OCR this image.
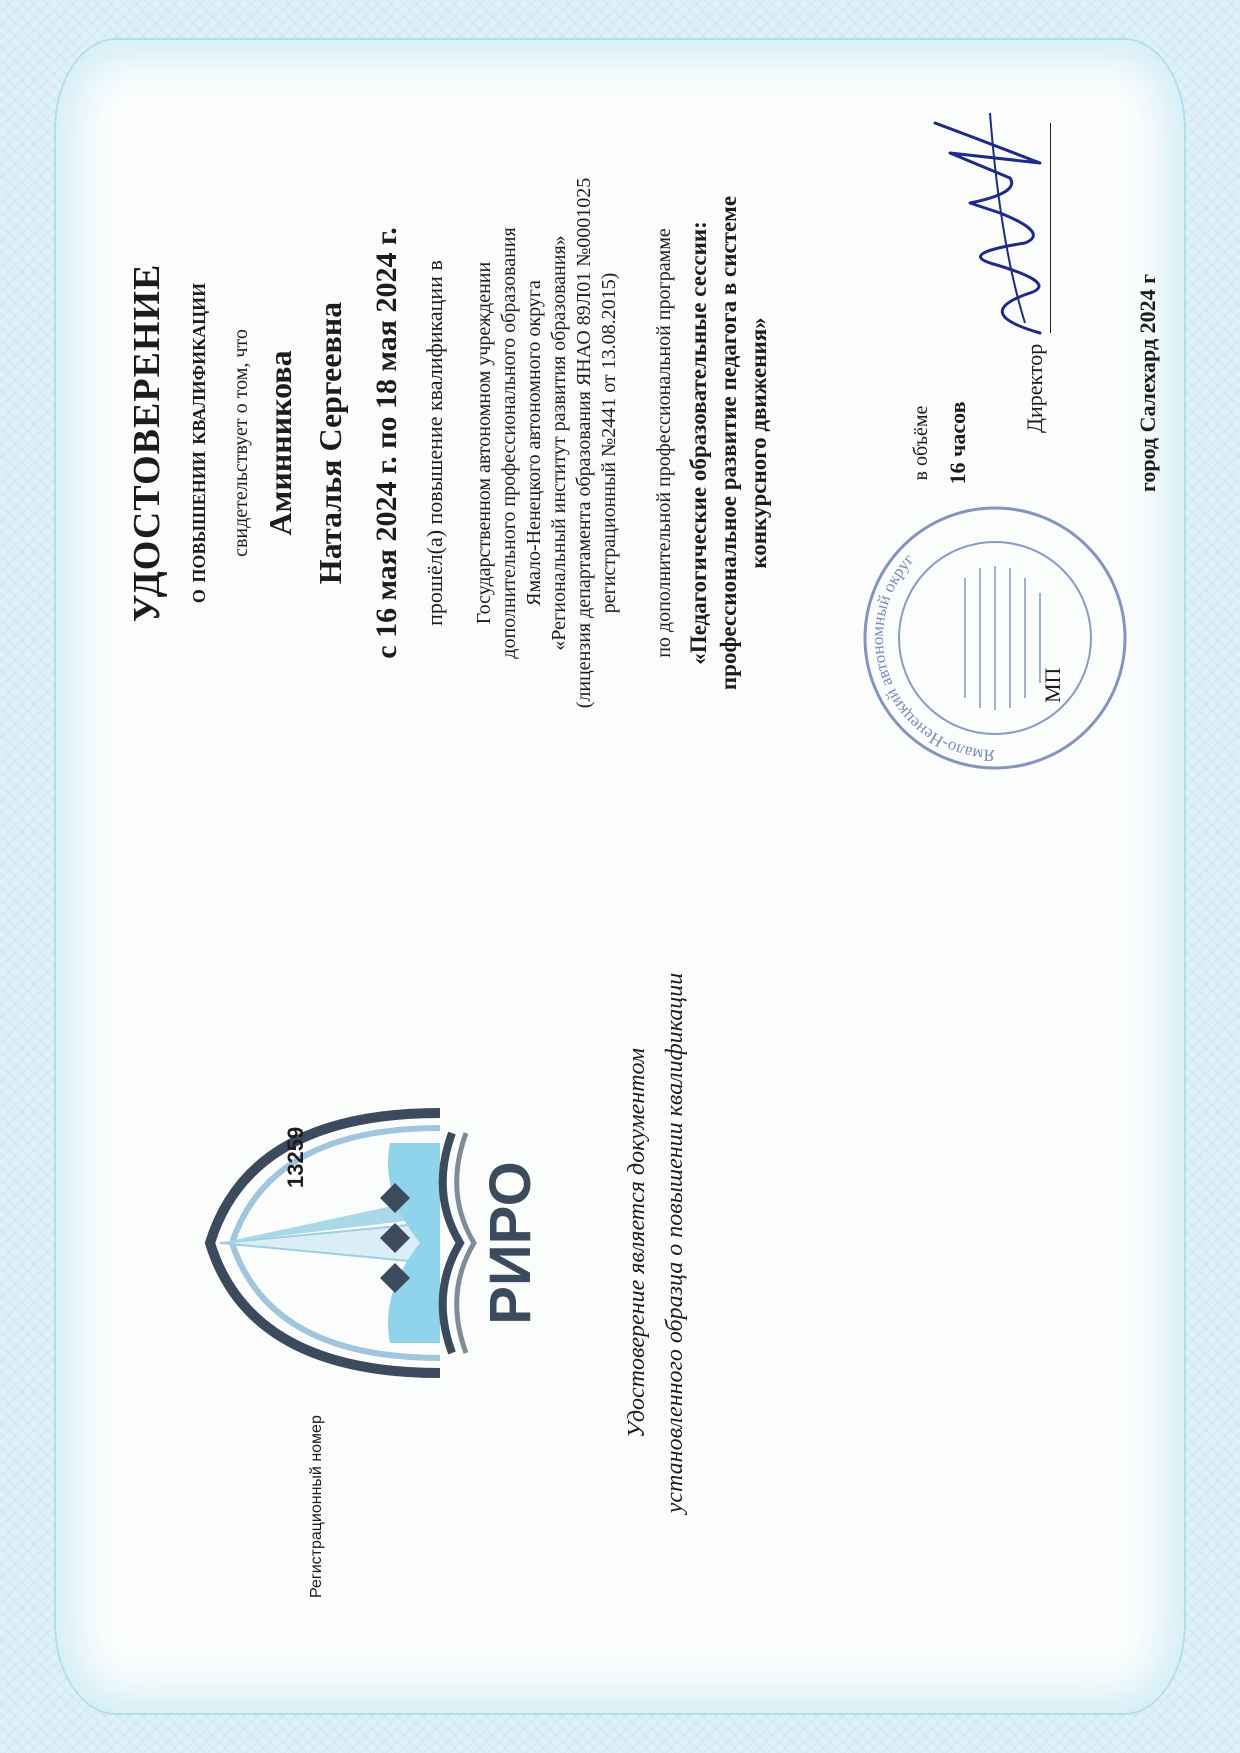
РИРО	Удостоверение является документом установленного образца о повышении квалификации
Регистрационный номер
13259
УДОСТОВЕРЕНИЕ о повышении квалификации свидетельствует о том, что Аминникова Наталья Сергеевна с 16 мая 2024 г. по 18 мая 2024 г. прошёл(а) повышение квалификации в Государственном автономном учреждении дополнительного профессионального образования Ямало-Ненецкого автономного округа «Региональный институт развития образования» (лицензия департамента образования ЯНАО 89Л01 №0001025 регистрационный №2441 от 13.08.2015) по дополнительной профессиональной программе «Педагогические образовательные сессии: профессиональное развитие педагога в системе конкурсного движения»	в объёме 16 часов
Ямало-Ненецкий автономный округ
МП
Директор	город Салехард 2024 г
